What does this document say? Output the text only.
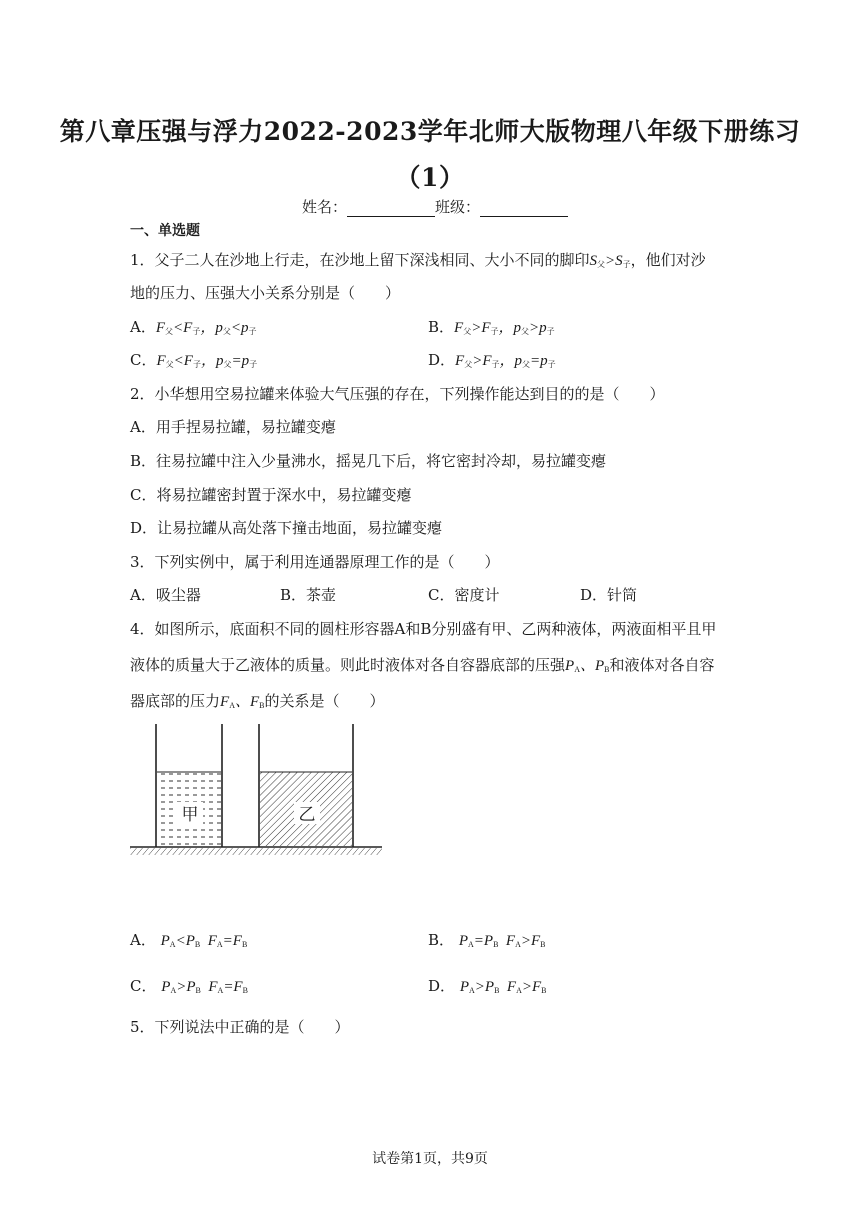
第八章压强与浮力2022-2023学年北师大版物理八年级下册练习
（1）
姓名：	班级：
一、单选题
1．父子二人在沙地上行走，在沙地上留下深浅相同、大小不同的脚印$S_父>S_子$，他们对沙
地的压力、压强大小关系分别是（　　）
A．$F_父<F_子$，$p_父<p_子$	B．$F_父>F_子$，$p_父>p_子$
C．$F_父<F_子$，$p_父=p_子$	D．$F_父>F_子$，$p_父=p_子$
2．小华想用空易拉罐来体验大气压强的存在，下列操作能达到目的的是（　　）
A．用手捏易拉罐，易拉罐变瘪
B．往易拉罐中注入少量沸水，摇晃几下后，将它密封冷却，易拉罐变瘪
C．将易拉罐密封置于深水中，易拉罐变瘪
D．让易拉罐从高处落下撞击地面，易拉罐变瘪
3．下列实例中，属于利用连通器原理工作的是（　　）
A．吸尘器	B．茶壶	C．密度计	D．针筒
4．如图所示，底面积不同的圆柱形容器A和B分别盛有甲、乙两种液体，两液面相平且甲
液体的质量大于乙液体的质量。则此时液体对各自容器底部的压强$P_A$、$P_B$和液体对各自容
器底部的压力$F_A$、$F_B$的关系是（　　）
甲	乙
A． $P_A<P_B$  $F_A=F_B$	B． $P_A=P_B$  $F_A>F_B$
C． $P_A>P_B$  $F_A=F_B$	D． $P_A>P_B$  $F_A>F_B$
5．下列说法中正确的是（　　）
试卷第1页，共9页
